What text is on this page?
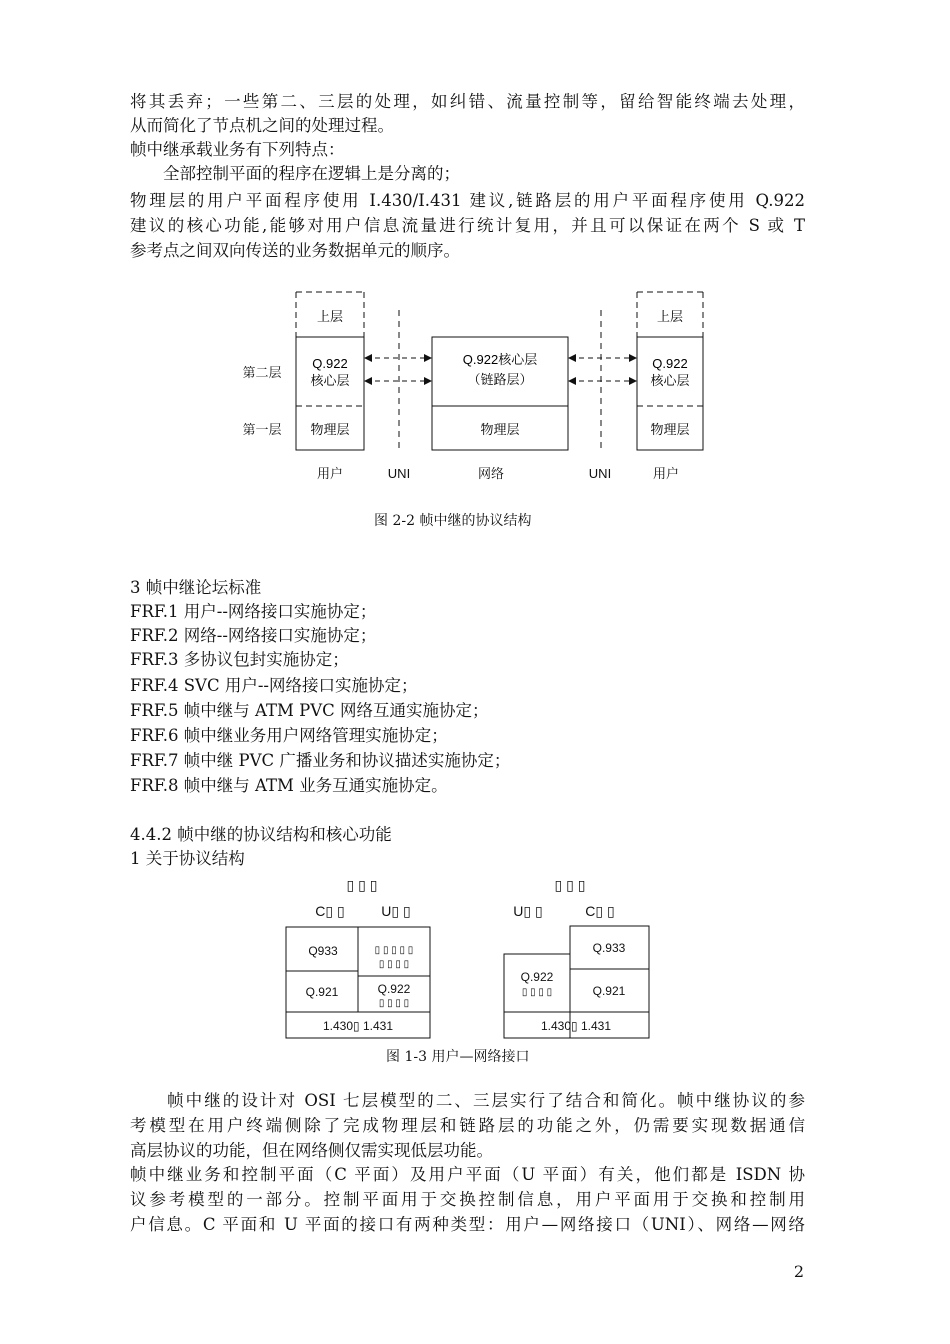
将其丢弃；一些第二、三层的处理，如纠错、流量控制等，留给智能终端去处理，
从而简化了节点机之间的处理过程。
帧中继承载业务有下列特点：
　　全部控制平面的程序在逻辑上是分离的；
物理层的用户平面程序使用 I.430/I.431 建议,链路层的用户平面程序使用 Q.922
建议的核心功能,能够对用户信息流量进行统计复用，并且可以保证在两个 S 或 T
参考点之间双向传送的业务数据单元的顺序。
第二层
第一层
上层
Q.922
核心层
物理层
Q.922核心层
（链路层）
物理层
上层
Q.922
核心层
物理层
用户	UNI	网络	UNI	用户
图 2-2 帧中继的协议结构
3 帧中继论坛标准
FRF.1 用户--网络接口实施协定；
FRF.2 网络--网络接口实施协定；
FRF.3 多协议包封实施协定；
FRF.4 SVC 用户--网络接口实施协定；
FRF.5 帧中继与 ATM PVC 网络互通实施协定；
FRF.6 帧中继业务用户网络管理实施协定；
FRF.7 帧中继 PVC 广播业务和协议描述实施协定；
FRF.8 帧中继与 ATM 业务互通实施协定。
4.4.2 帧中继的协议结构和核心功能
1 关于协议结构
▯ ▯ ▯
C▯ ▯	U▯ ▯
Q933	▯ ▯ ▯ ▯ ▯
▯ ▯ ▯ ▯
Q.921	Q.922
▯ ▯ ▯ ▯
1.430▯ 1.431
▯ ▯ ▯
U▯ ▯	C▯ ▯
Q.933
Q.922
▯ ▯ ▯ ▯	Q.921
1.430▯ 1.431
图 1-3 用户—网络接口
　　帧中继的设计对 OSI 七层模型的二、三层实行了结合和简化。帧中继协议的参
考模型在用户终端侧除了完成物理层和链路层的功能之外，仍需要实现数据通信
高层协议的功能，但在网络侧仅需实现低层功能。
帧中继业务和控制平面（C 平面）及用户平面（U 平面）有关，他们都是 ISDN 协
议参考模型的一部分。控制平面用于交换控制信息，用户平面用于交换和控制用
户信息。C 平面和 U 平面的接口有两种类型：用户—网络接口（UNI）、网络—网络
2
